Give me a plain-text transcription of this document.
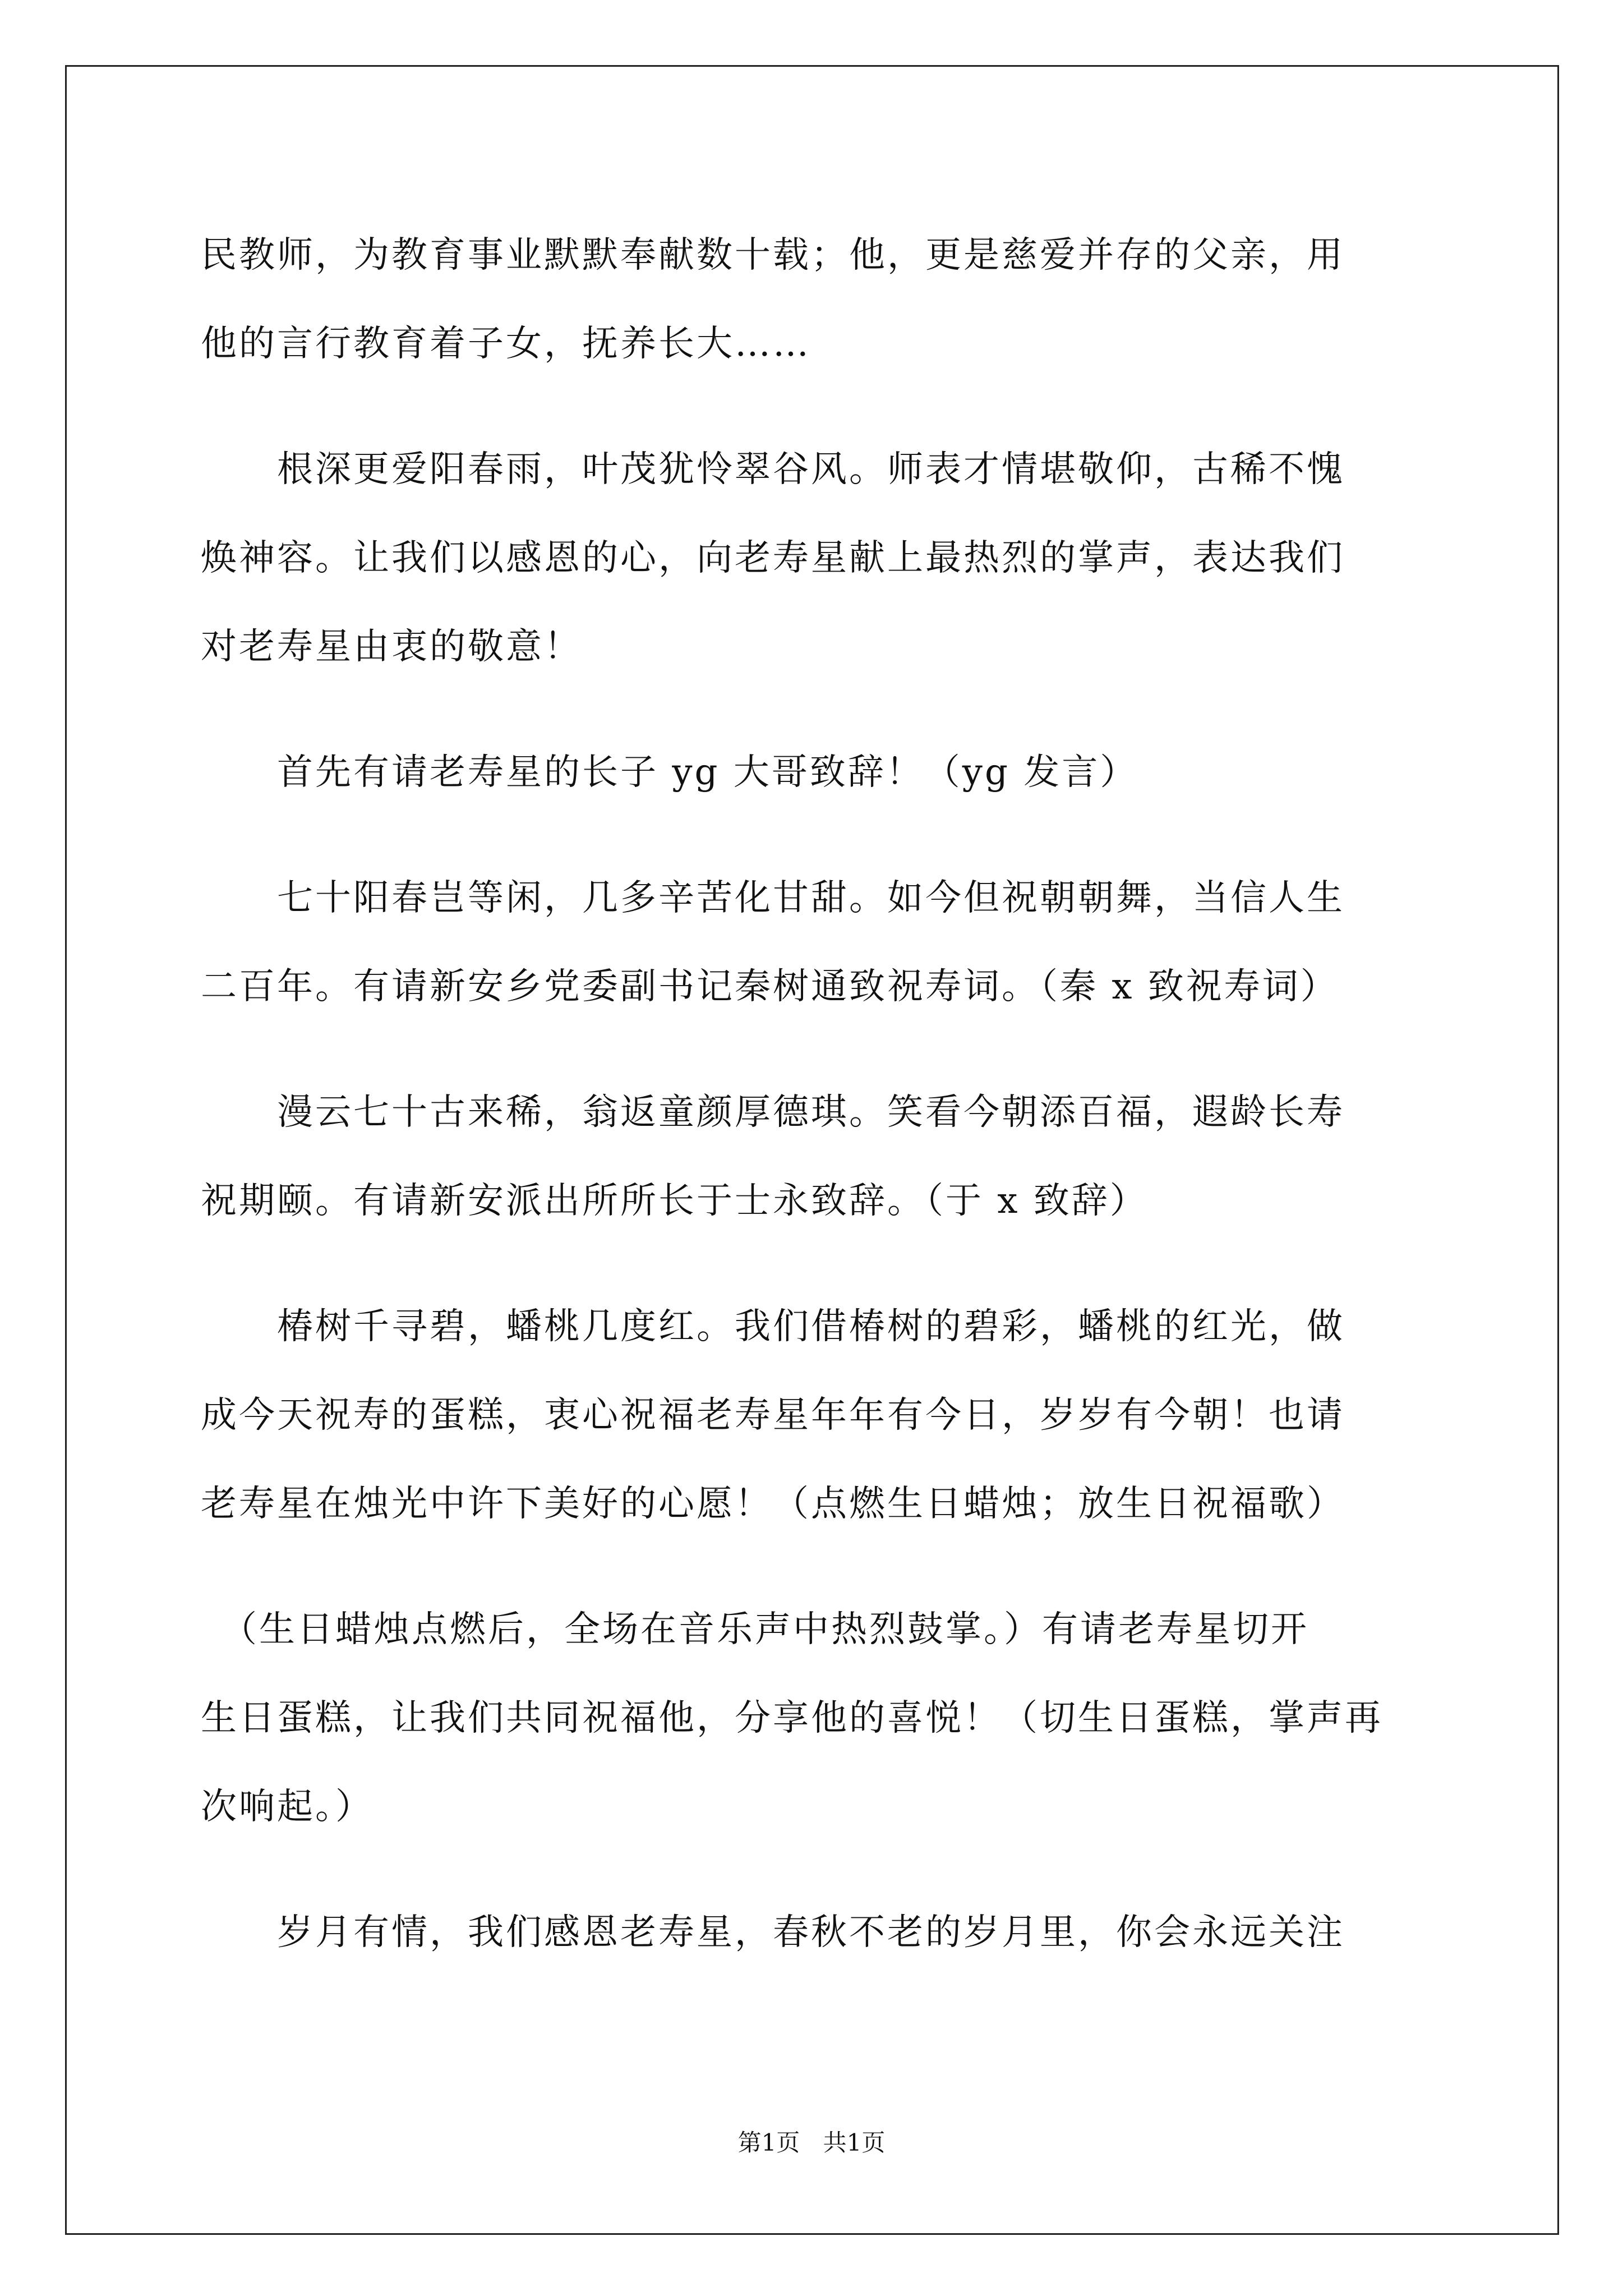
民教师，为教育事业默默奉献数十载；他，更是慈爱并存的父亲，用
他的言行教育着子女，抚养长大……
　　根深更爱阳春雨，叶茂犹怜翠谷风。师表才情堪敬仰，古稀不愧
焕神容。让我们以感恩的心，向老寿星献上最热烈的掌声，表达我们
对老寿星由衷的敬意！
　　首先有请老寿星的长子 yg 大哥致辞！（yg 发言）
　　七十阳春岂等闲，几多辛苦化甘甜。如今但祝朝朝舞，当信人生
二百年。有请新安乡党委副书记秦树通致祝寿词。（秦 x 致祝寿词）
　　漫云七十古来稀，翁返童颜厚德琪。笑看今朝添百福，遐龄长寿
祝期颐。有请新安派出所所长于士永致辞。（于 x 致辞）
　　椿树千寻碧，蟠桃几度红。我们借椿树的碧彩，蟠桃的红光，做
成今天祝寿的蛋糕，衷心祝福老寿星年年有今日，岁岁有今朝！也请
老寿星在烛光中许下美好的心愿！（点燃生日蜡烛；放生日祝福歌）
　（生日蜡烛点燃后，全场在音乐声中热烈鼓掌。）有请老寿星切开
生日蛋糕，让我们共同祝福他，分享他的喜悦！（切生日蛋糕，掌声再
次响起。）
　　岁月有情，我们感恩老寿星，春秋不老的岁月里，你会永远关注
第1页 共1页
